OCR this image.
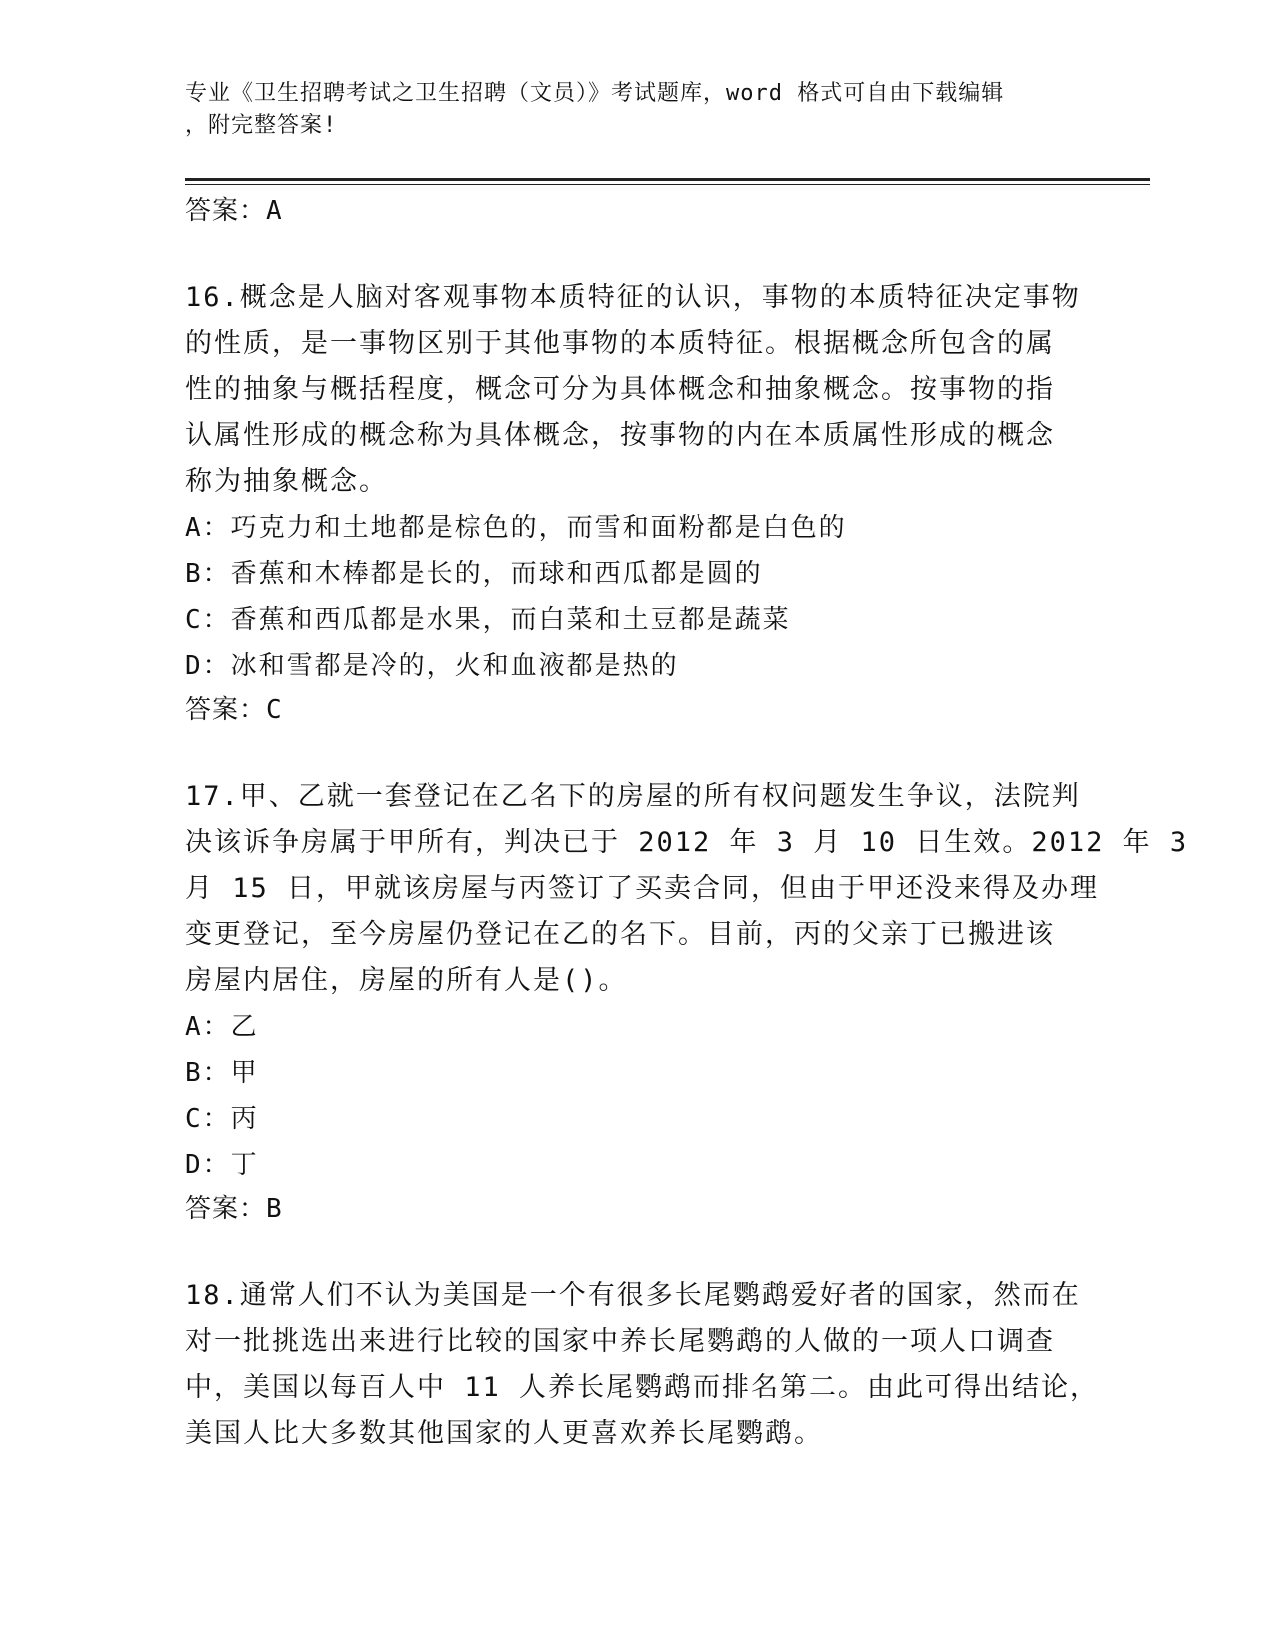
专业《卫生招聘考试之卫生招聘（文员）》考试题库，word 格式可自由下载编辑
，附完整答案!
答案：A
16.概念是人脑对客观事物本质特征的认识，事物的本质特征决定事物
的性质，是一事物区别于其他事物的本质特征。根据概念所包含的属
性的抽象与概括程度，概念可分为具体概念和抽象概念。按事物的指
认属性形成的概念称为具体概念，按事物的内在本质属性形成的概念
称为抽象概念。
A：巧克力和土地都是棕色的，而雪和面粉都是白色的
B：香蕉和木棒都是长的，而球和西瓜都是圆的
C：香蕉和西瓜都是水果，而白菜和土豆都是蔬菜
D：冰和雪都是冷的，火和血液都是热的
答案：C
17.甲、乙就一套登记在乙名下的房屋的所有权问题发生争议，法院判
决该诉争房属于甲所有，判决已于 2012 年 3 月 10 日生效。2012 年 3
月 15 日，甲就该房屋与丙签订了买卖合同，但由于甲还没来得及办理
变更登记，至今房屋仍登记在乙的名下。目前，丙的父亲丁已搬进该
房屋内居住，房屋的所有人是()。
A：乙
B：甲
C：丙
D：丁
答案：B
18.通常人们不认为美国是一个有很多长尾鹦鹉爱好者的国家，然而在
对一批挑选出来进行比较的国家中养长尾鹦鹉的人做的一项人口调查
中，美国以每百人中 11 人养长尾鹦鹉而排名第二。由此可得出结论，
美国人比大多数其他国家的人更喜欢养长尾鹦鹉。
